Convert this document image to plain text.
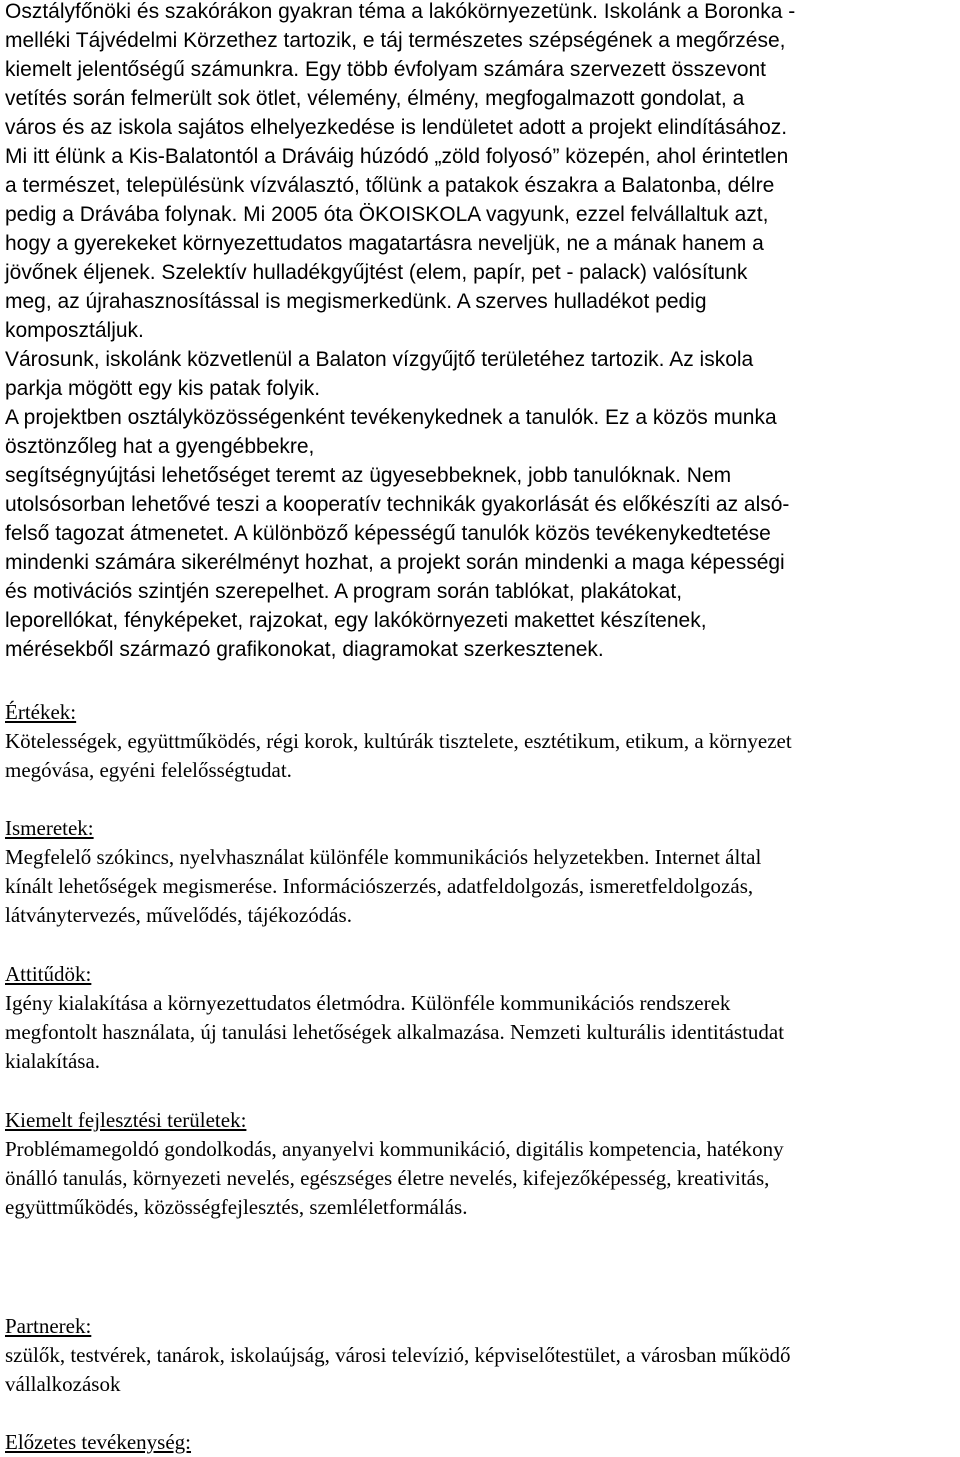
Osztályfőnöki és szakórákon gyakran téma a lakókörnyezetünk. Iskolánk a Boronka -
melléki Tájvédelmi Körzethez tartozik, e táj természetes szépségének a megőrzése,
kiemelt jelentőségű számunkra. Egy több évfolyam számára szervezett összevont
vetítés során felmerült sok ötlet, vélemény, élmény, megfogalmazott gondolat, a
város és az iskola sajátos elhelyezkedése is lendületet adott a projekt elindításához.
Mi itt élünk a Kis-Balatontól a Dráváig húzódó „zöld folyosó” közepén, ahol érintetlen
a természet, településünk vízválasztó, tőlünk a patakok északra a Balatonba, délre
pedig a Drávába folynak. Mi 2005 óta ÖKOISKOLA vagyunk, ezzel felvállaltuk azt,
hogy a gyerekeket környezettudatos magatartásra neveljük, ne a mának hanem a
jövőnek éljenek. Szelektív hulladékgyűjtést (elem, papír, pet - palack) valósítunk
meg, az újrahasznosítással is megismerkedünk. A szerves hulladékot pedig
komposztáljuk.
Városunk, iskolánk közvetlenül a Balaton vízgyűjtő területéhez tartozik. Az iskola
parkja mögött egy kis patak folyik.
A projektben osztályközösségenként tevékenykednek a tanulók. Ez a közös munka
ösztönzőleg hat a gyengébbekre,
segítségnyújtási lehetőséget teremt az ügyesebbeknek, jobb tanulóknak. Nem
utolsósorban lehetővé teszi a kooperatív technikák gyakorlását és előkészíti az alsó-
felső tagozat átmenetet. A különböző képességű tanulók közös tevékenykedtetése
mindenki számára sikerélményt hozhat, a projekt során mindenki a maga képességi
és motivációs szintjén szerepelhet. A program során tablókat, plakátokat,
leporellókat, fényképeket, rajzokat, egy lakókörnyezeti makettet készítenek,
mérésekből származó grafikonokat, diagramokat szerkesztenek.
Értékek:
Kötelességek, együttműködés, régi korok, kultúrák tisztelete, esztétikum, etikum, a környezet
megóvása, egyéni felelősségtudat.
Ismeretek:
Megfelelő szókincs, nyelvhasználat különféle kommunikációs helyzetekben. Internet által
kínált lehetőségek megismerése. Információszerzés, adatfeldolgozás, ismeretfeldolgozás,
látványtervezés, művelődés, tájékozódás.
Attitűdök:
Igény kialakítása a környezettudatos életmódra. Különféle kommunikációs rendszerek
megfontolt használata, új tanulási lehetőségek alkalmazása. Nemzeti kulturális identitástudat
kialakítása.
Kiemelt fejlesztési területek:
Problémamegoldó gondolkodás, anyanyelvi kommunikáció, digitális kompetencia, hatékony
önálló tanulás, környezeti nevelés, egészséges életre nevelés, kifejezőképesség, kreativitás,
együttműködés, közösségfejlesztés, szemléletformálás.
Partnerek:
szülők, testvérek, tanárok, iskolaújság, városi televízió, képviselőtestület, a városban működő
vállalkozások
Előzetes tevékenység:
